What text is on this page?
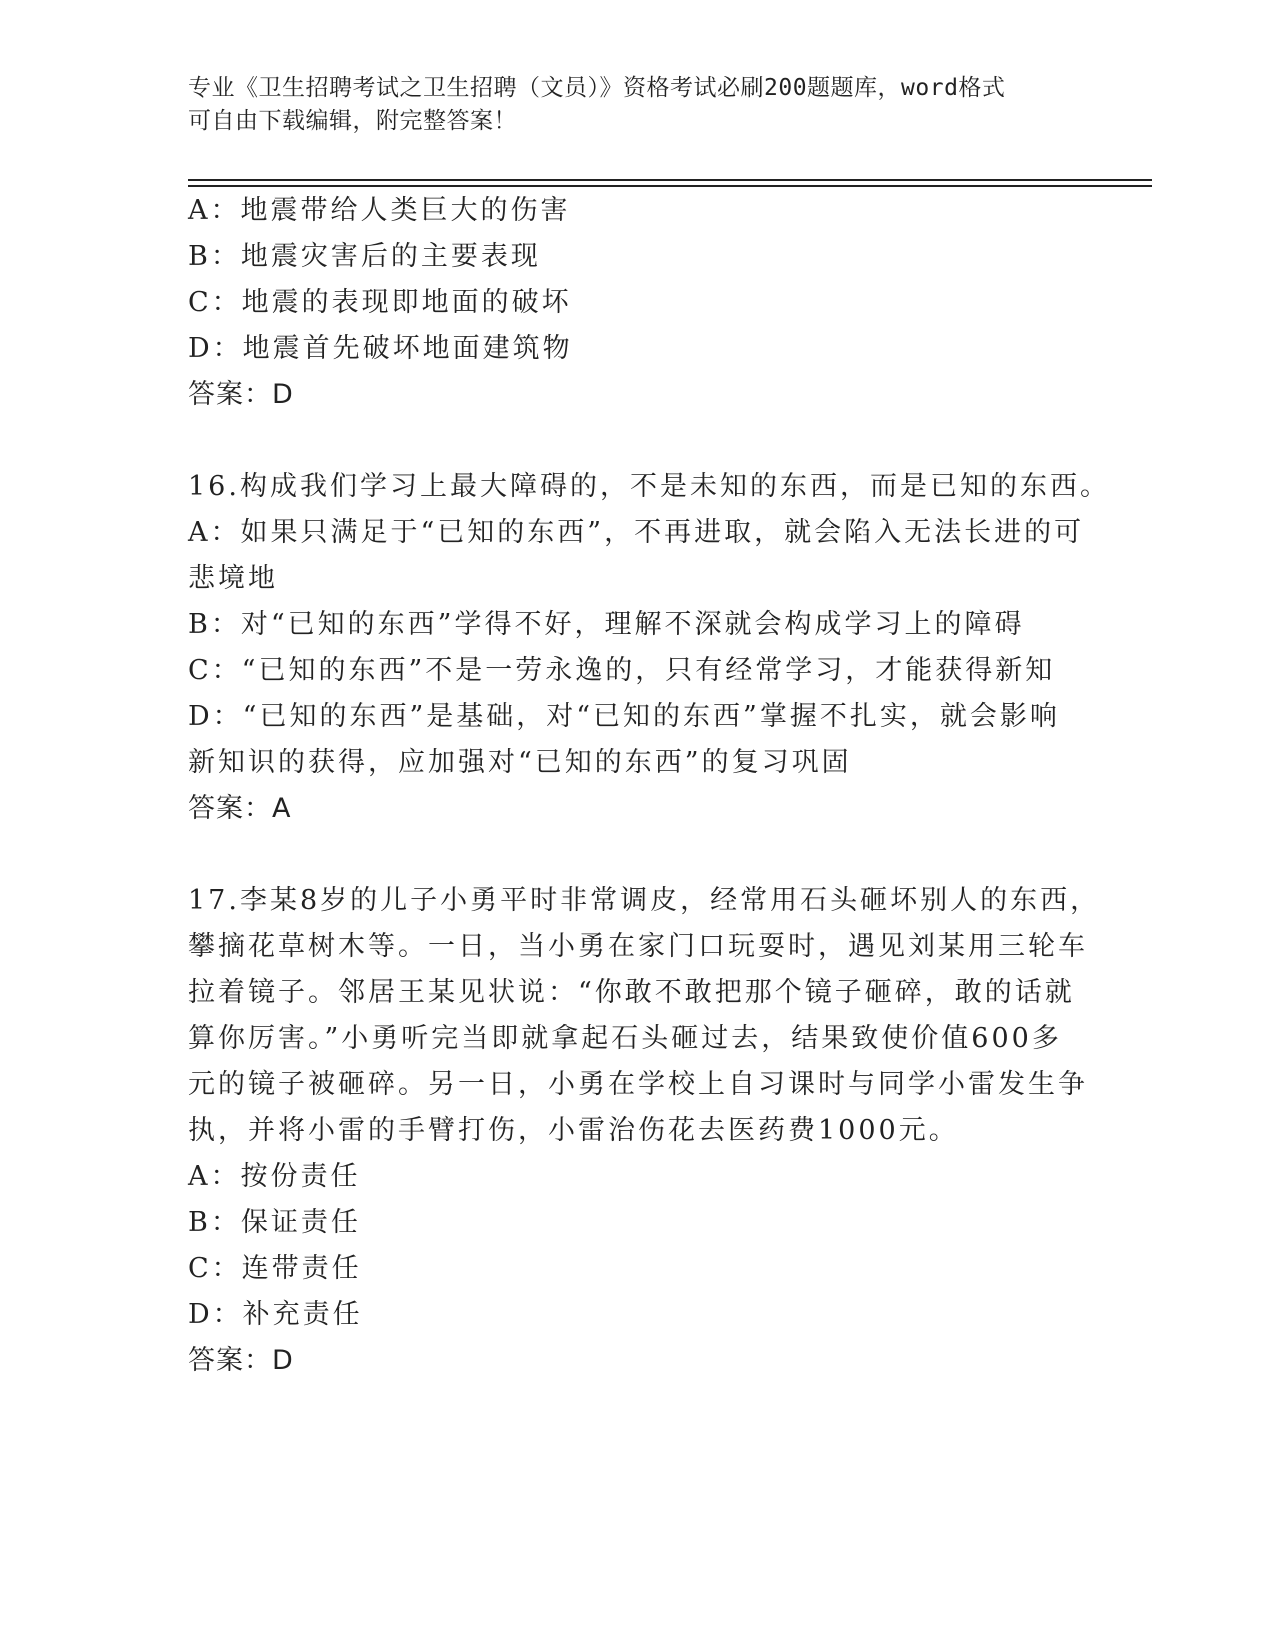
专业《卫生招聘考试之卫生招聘（文员）》资格考试必刷200题题库，word格式

可自由下载编辑，附完整答案！

A：地震带给人类巨大的伤害
B：地震灾害后的主要表现
C：地震的表现即地面的破坏
D：地震首先破坏地面建筑物
答案：D
16.构成我们学习上最大障碍的，不是未知的东西，而是已知的东西。
A：如果只满足于“已知的东西”，不再进取，就会陷入无法长进的可
悲境地
B：对“已知的东西”学得不好，理解不深就会构成学习上的障碍
C：“已知的东西”不是一劳永逸的，只有经常学习，才能获得新知
D：“已知的东西”是基础，对“已知的东西”掌握不扎实，就会影响
新知识的获得，应加强对“已知的东西”的复习巩固
答案：A
17.李某8岁的儿子小勇平时非常调皮，经常用石头砸坏别人的东西，
攀摘花草树木等。一日，当小勇在家门口玩耍时，遇见刘某用三轮车
拉着镜子。邻居王某见状说：“你敢不敢把那个镜子砸碎，敢的话就
算你厉害。”小勇听完当即就拿起石头砸过去，结果致使价值600多
元的镜子被砸碎。另一日，小勇在学校上自习课时与同学小雷发生争
执，并将小雷的手臂打伤，小雷治伤花去医药费1000元。
A：按份责任
B：保证责任
C：连带责任
D：补充责任
答案：D
